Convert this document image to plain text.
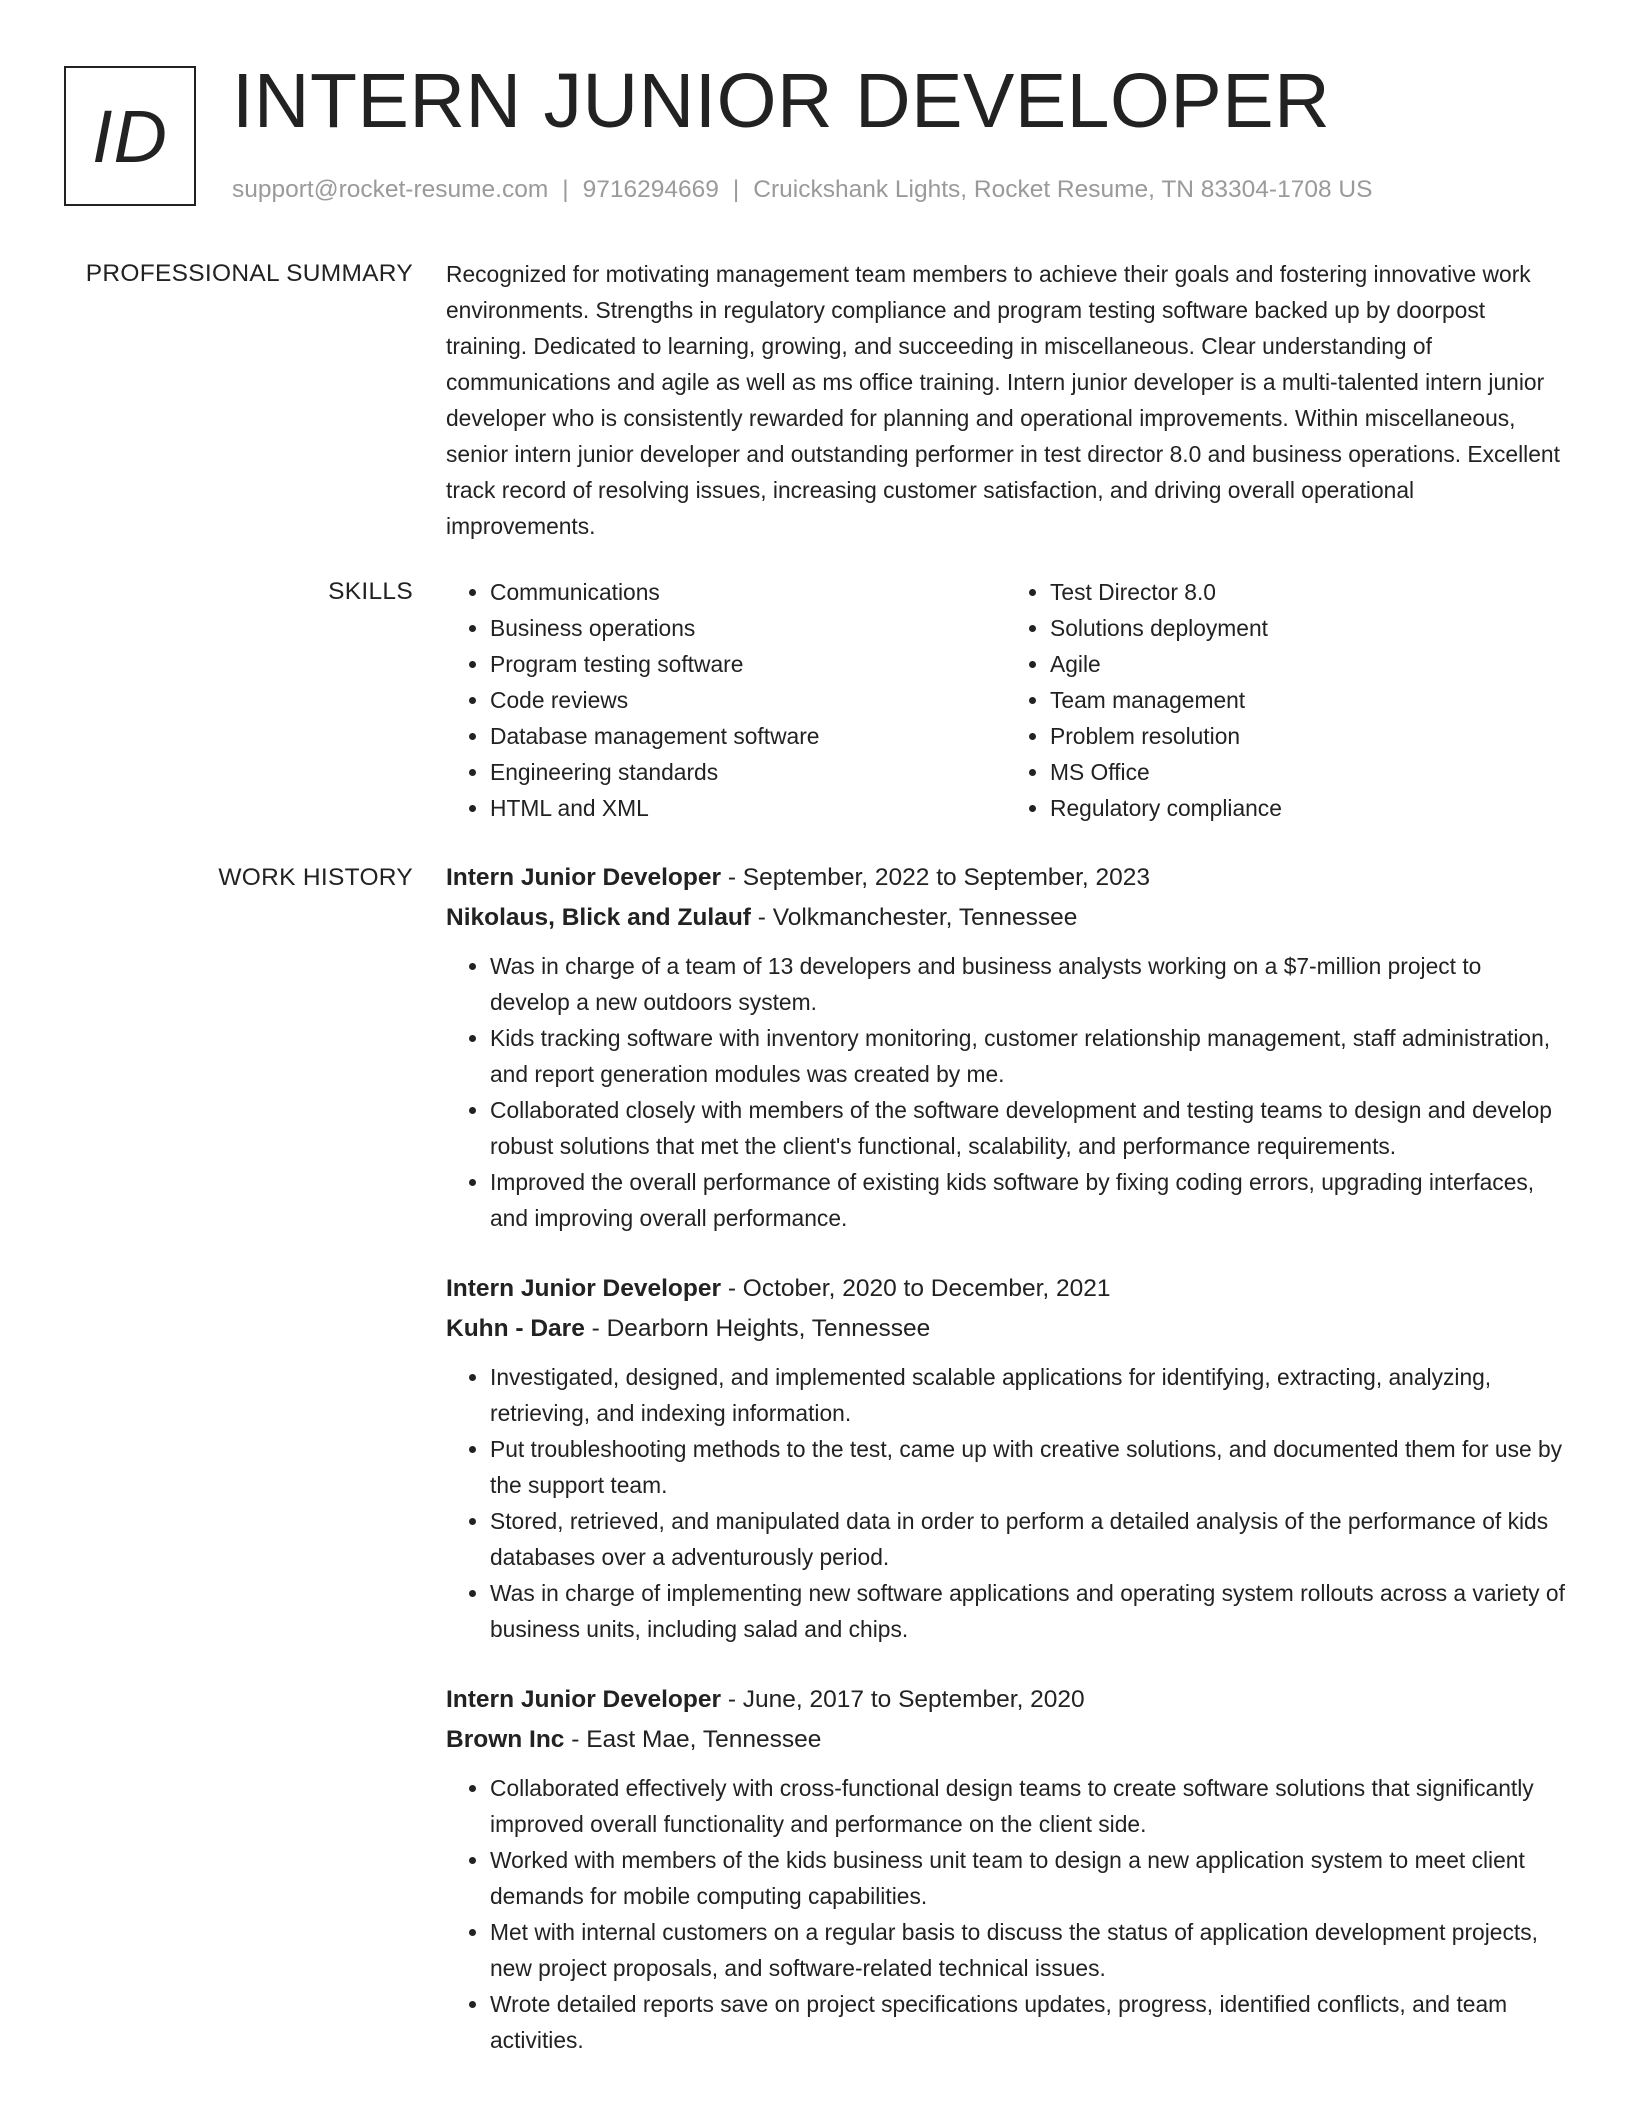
ID INTERN JUNIOR DEVELOPER
support@rocket-resume.com | 9716294669 | Cruickshank Lights, Rocket Resume, TN 83304-1708 US
PROFESSIONAL SUMMARY Recognized for motivating management team members to achieve their goals and fostering innovative work environments. Strengths in regulatory compliance and program testing software backed up by doorpost training. Dedicated to learning, growing, and succeeding in miscellaneous. Clear understanding of communications and agile as well as ms office training. Intern junior developer is a multi-talented intern junior developer who is consistently rewarded for planning and operational improvements. Within miscellaneous, senior intern junior developer and outstanding performer in test director 8.0 and business operations. Excellent track record of resolving issues, increasing customer satisfaction, and driving overall operational improvements.

SKILLS
•	Communications
• Business operations
• Program testing software
• Code reviews
• Database management software
• Engineering standards
• HTML and XML
• Test Director 8.0
• Solutions deployment
• Agile
• Team management
• Problem resolution
• MS Office
• Regulatory compliance
WORK HISTORY Intern Junior Developer - September, 2022 to September, 2023
Nikolaus, Blick and Zulauf - Volkmanchester, Tennessee
• Was in charge of a team of 13 developers and business analysts working on a $7-million project to develop a new outdoors system.
• Kids tracking software with inventory monitoring, customer relationship management, staff administration, and report generation modules was created by me.
• Collaborated closely with members of the software development and testing teams to design and develop robust solutions that met the client's functional, scalability, and performance requirements.
• Improved the overall performance of existing kids software by fixing coding errors, upgrading interfaces, and improving overall performance.
Intern Junior Developer - October, 2020 to December, 2021
Kuhn - Dare - Dearborn Heights, Tennessee
• Investigated, designed, and implemented scalable applications for identifying, extracting, analyzing, retrieving, and indexing information.
• Put troubleshooting methods to the test, came up with creative solutions, and documented them for use by the support team.
• Stored, retrieved, and manipulated data in order to perform a detailed analysis of the performance of kids databases over a adventurously period.
• Was in charge of implementing new software applications and operating system rollouts across a variety of business units, including salad and chips.
Intern Junior Developer - June, 2017 to September, 2020
Brown Inc - East Mae, Tennessee
• Collaborated effectively with cross-functional design teams to create software solutions that significantly improved overall functionality and performance on the client side.
• Worked with members of the kids business unit team to design a new application system to meet client demands for mobile computing capabilities.
• Met with internal customers on a regular basis to discuss the status of application development projects, new project proposals, and software-related technical issues.
• Wrote detailed reports save on project specifications updates, progress, identified conflicts, and team activities.
